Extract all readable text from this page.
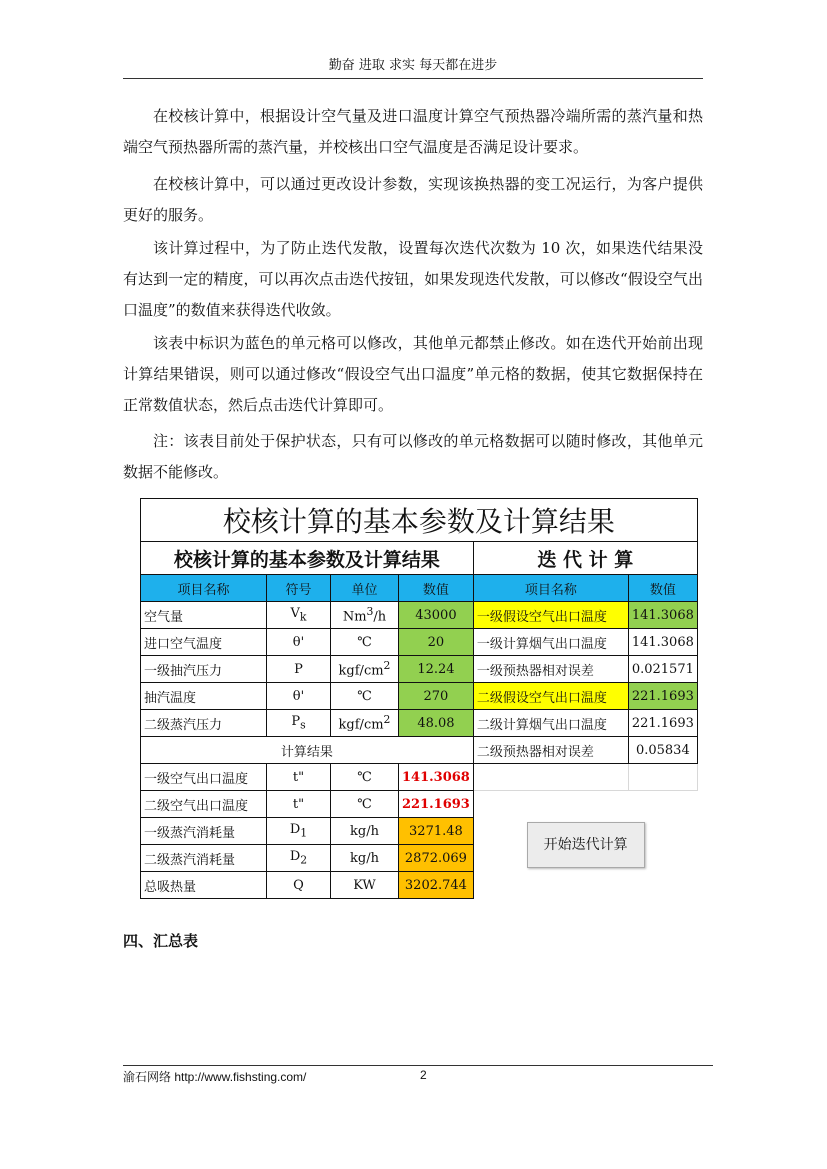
勤奋 进取 求实 每天都在进步

在校核计算中，根据设计空气量及进口温度计算空气预热器冷端所需的蒸汽量和热端空气预热器所需的蒸汽量，并校核出口空气温度是否满足设计要求。

在校核计算中，可以通过更改设计参数，实现该换热器的变工况运行，为客户提供更好的服务。

该计算过程中，为了防止迭代发散，设置每次迭代次数为 10 次，如果迭代结果没有达到一定的精度，可以再次点击迭代按钮，如果发现迭代发散，可以修改“假设空气出口温度”的数值来获得迭代收敛。

该表中标识为蓝色的单元格可以修改，其他单元都禁止修改。如在迭代开始前出现计算结果错误，则可以通过修改“假设空气出口温度”单元格的数据，使其它数据保持在正常数值状态，然后点击迭代计算即可。

注：该表目前处于保护状态，只有可以修改的单元格数据可以随时修改，其他单元数据不能修改。

校核计算的基本参数及计算结果					
校核计算的基本参数及计算结果				迭 代 计 算	
项目名称	符号	单位	数值	项目名称	数值
空气量	$V_k$	Nm$^3$/h	43000	一级假设空气出口温度	141.3068
进口空气温度	θ'	℃	20	一级计算烟气出口温度	141.3068
一级抽汽压力	P	kgf/$cm^2$	12.24	一级预热器相对误差	0.021571
抽汽温度	θ'	℃	270	二级假设空气出口温度	221.1693
二级蒸汽压力	$P_s$	kgf/$cm^2$	48.08	二级计算烟气出口温度	221.1693
计算结果				二级预热器相对误差	0.05834
一级空气出口温度	t"	℃	141.3068		
二级空气出口温度	t"	℃	221.1693	开始迭代计算	
一级蒸汽消耗量	$D_1$	kg/h	3271.48		
二级蒸汽消耗量	$D_2$	kg/h	2872.069		
总吸热量	Q	KW	3202.744		
四、汇总表
渝石网络 http://www.fishsting.com/	2
